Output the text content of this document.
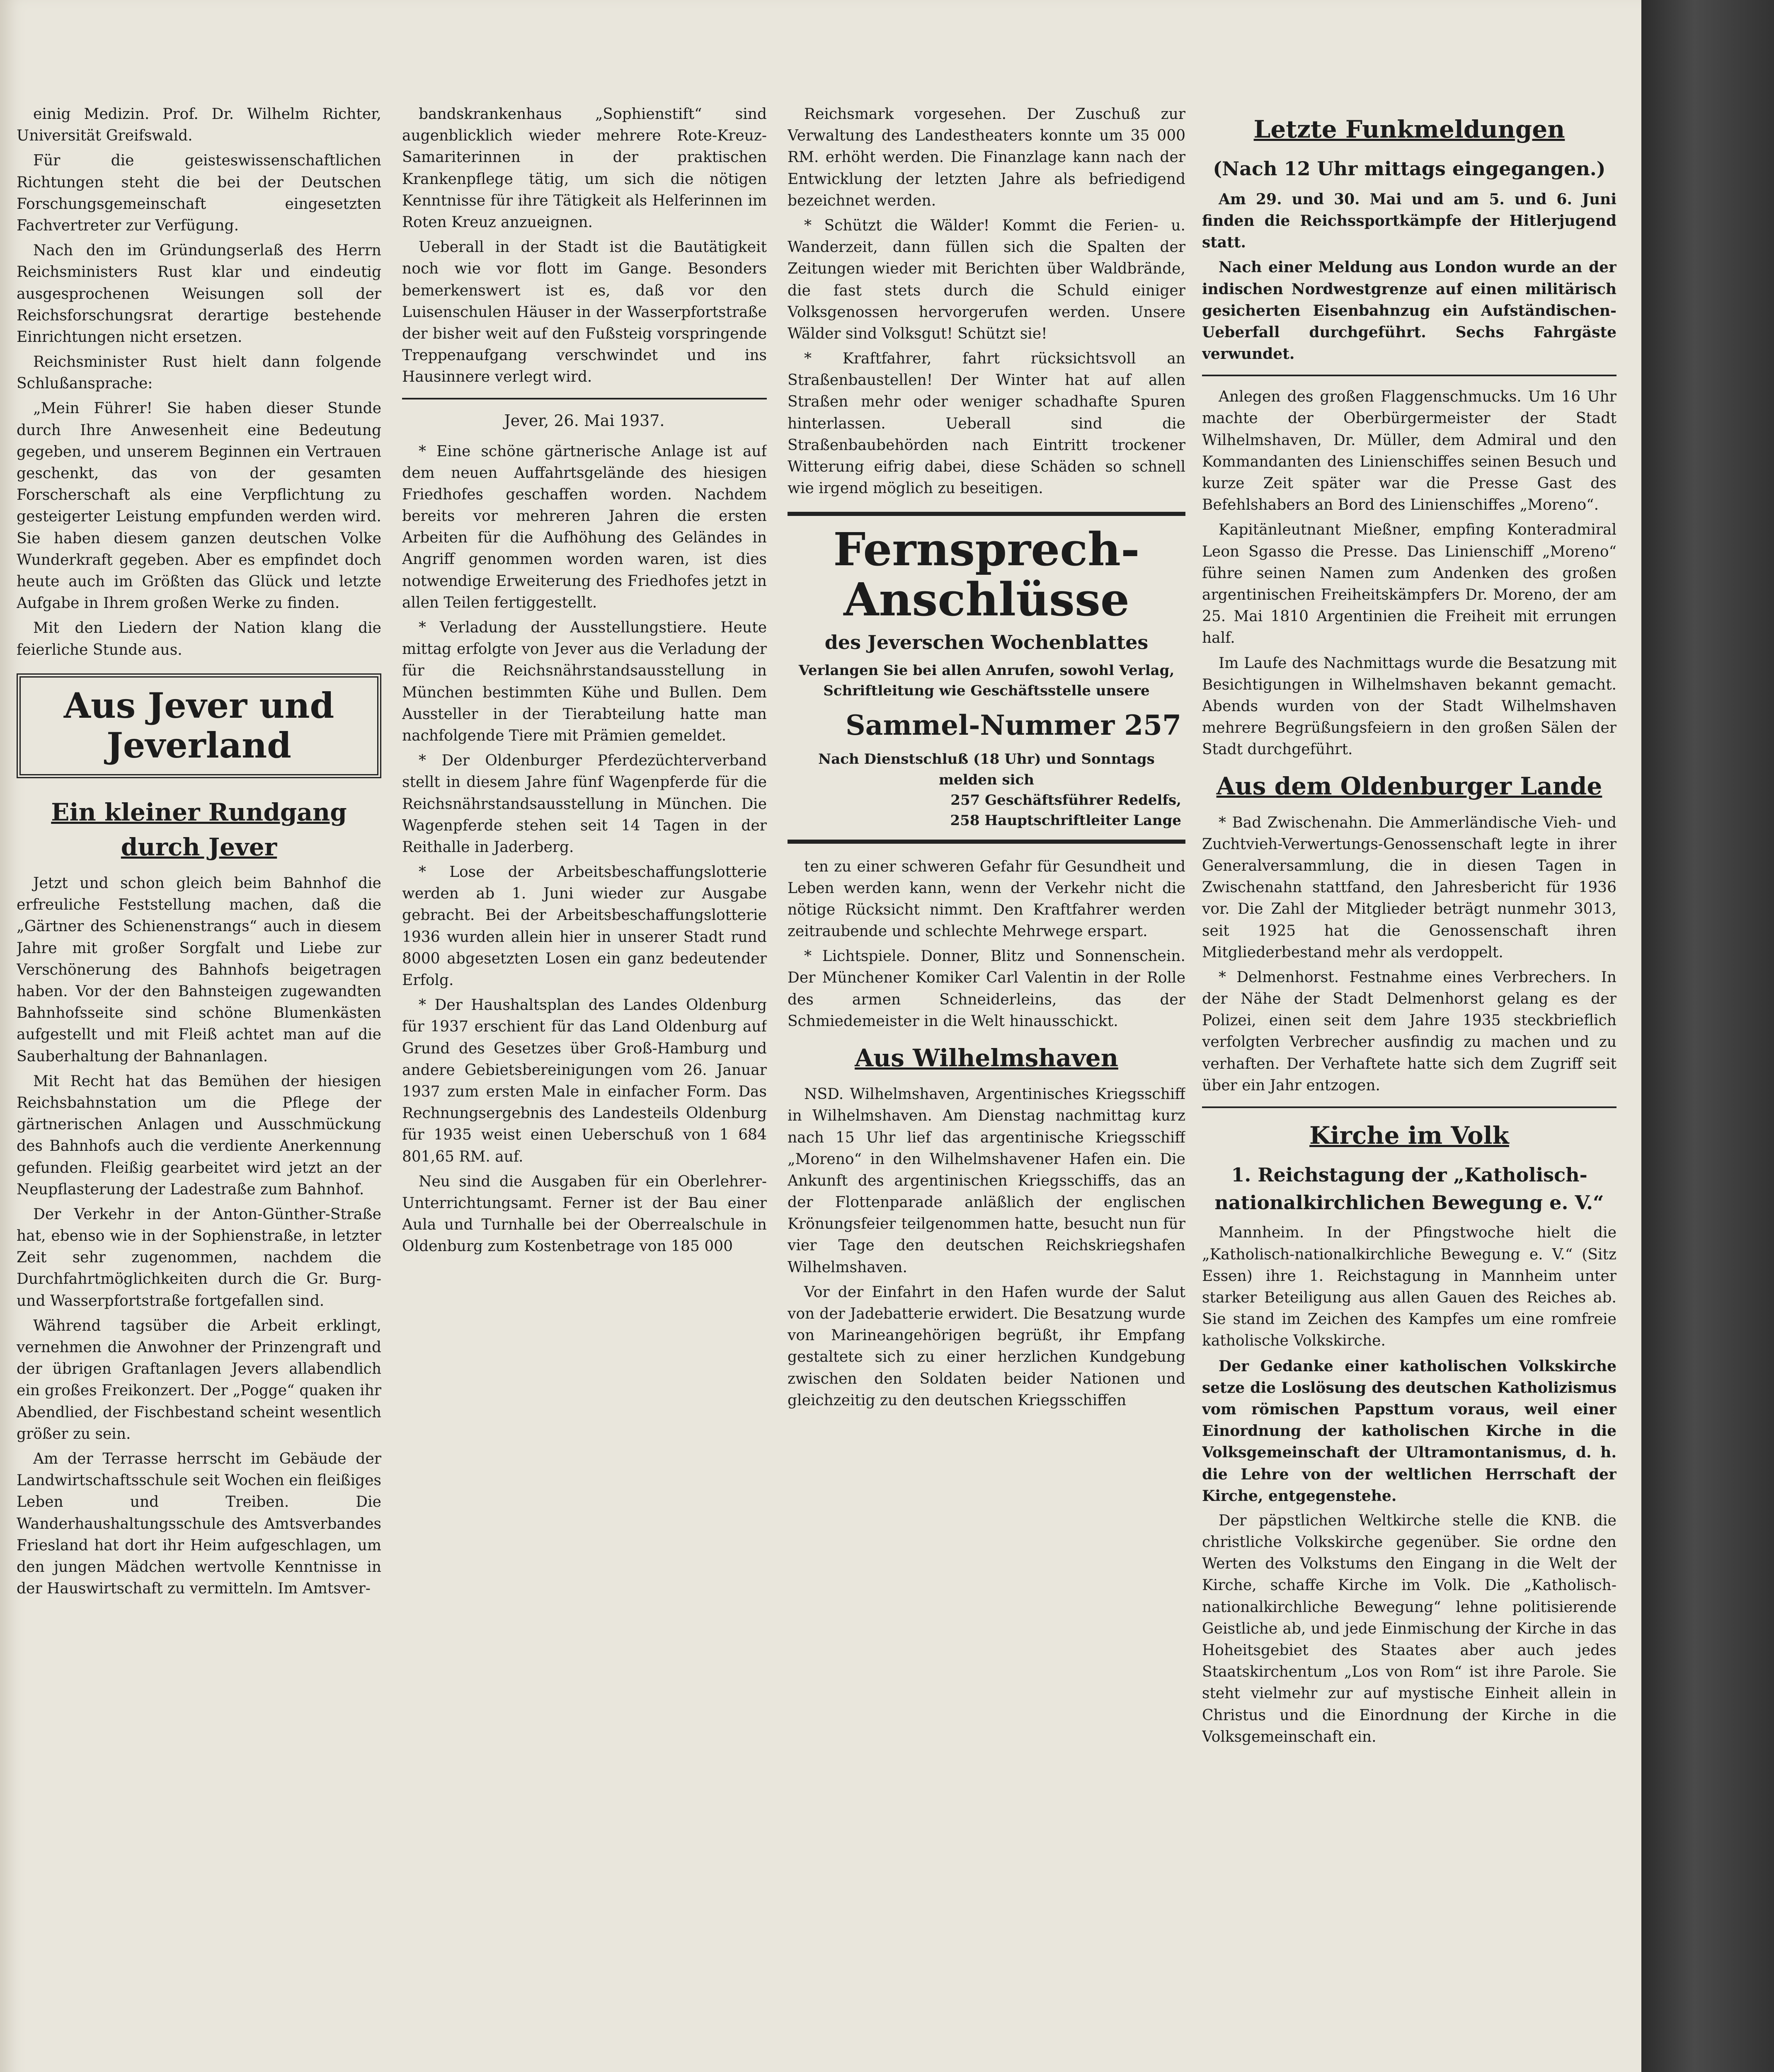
einig Medizin. Prof. Dr. Wilhelm Richter, Universität Greifswald.

Für die geisteswissenschaftlichen Richtungen steht die bei der Deutschen Forschungsgemeinschaft eingesetzten Fachvertreter zur Verfügung.

Nach den im Gründungserlaß des Herrn Reichsministers Rust klar und eindeutig ausgesprochenen Weisungen soll der Reichsforschungsrat derartige bestehende Einrichtungen nicht ersetzen.

Reichsminister Rust hielt dann folgende Schlußansprache:

„Mein Führer! Sie haben dieser Stunde durch Ihre Anwesenheit eine Bedeutung gegeben, und unserem Beginnen ein Vertrauen geschenkt, das von der gesamten Forscherschaft als eine Verpflichtung zu gesteigerter Leistung empfunden werden wird. Sie haben diesem ganzen deutschen Volke Wunderkraft gegeben. Aber es empfindet doch heute auch im Größten das Glück und letzte Aufgabe in Ihrem großen Werke zu finden.

Mit den Liedern der Nation klang die feierliche Stunde aus.

Aus Jever und Jeverland
Ein kleiner Rundgang durch Jever

Jetzt und schon gleich beim Bahnhof die erfreuliche Feststellung machen, daß die „Gärtner des Schienenstrangs“ auch in diesem Jahre mit großer Sorgfalt und Liebe zur Verschönerung des Bahnhofs beigetragen haben. Vor der den Bahnsteigen zugewandten Bahnhofsseite sind schöne Blumenkästen aufgestellt und mit Fleiß achtet man auf die Sauberhaltung der Bahnanlagen.

Mit Recht hat das Bemühen der hiesigen Reichsbahnstation um die Pflege der gärtnerischen Anlagen und Ausschmückung des Bahnhofs auch die verdiente Anerkennung gefunden. Fleißig gearbeitet wird jetzt an der Neupflasterung der Ladestraße zum Bahnhof.

Der Verkehr in der Anton-Günther-Straße hat, ebenso wie in der Sophienstraße, in letzter Zeit sehr zugenommen, nachdem die Durchfahrtmöglichkeiten durch die Gr. Burg- und Wasserpfortstraße fortgefallen sind.

Während tagsüber die Arbeit erklingt, vernehmen die Anwohner der Prinzengraft und der übrigen Graftanlagen Jevers allabendlich ein großes Freikonzert. Der „Pogge“ quaken ihr Abendlied, der Fischbestand scheint wesentlich größer zu sein.

Am der Terrasse herrscht im Gebäude der Landwirtschaftsschule seit Wochen ein fleißiges Leben und Treiben. Die Wanderhaushaltungsschule des Amtsverbandes Friesland hat dort ihr Heim aufgeschlagen, um den jungen Mädchen wertvolle Kenntnisse in der Hauswirtschaft zu vermitteln. Im Amtsver-

bandskrankenhaus „Sophienstift“ sind augenblicklich wieder mehrere Rote-Kreuz-Samariterinnen in der praktischen Krankenpflege tätig, um sich die nötigen Kenntnisse für ihre Tätigkeit als Helferinnen im Roten Kreuz anzueignen.

Ueberall in der Stadt ist die Bautätigkeit noch wie vor flott im Gange. Besonders bemerkenswert ist es, daß vor den Luisenschulen Häuser in der Wasserpfortstraße der bisher weit auf den Fußsteig vorspringende Treppenaufgang verschwindet und ins Hausinnere verlegt wird.

Jever, 26. Mai 1937.

* Eine schöne gärtnerische Anlage ist auf dem neuen Auffahrtsgelände des hiesigen Friedhofes geschaffen worden. Nachdem bereits vor mehreren Jahren die ersten Arbeiten für die Aufhöhung des Geländes in Angriff genommen worden waren, ist dies notwendige Erweiterung des Friedhofes jetzt in allen Teilen fertiggestellt.

* Verladung der Ausstellungstiere. Heute mittag erfolgte von Jever aus die Verladung der für die Reichsnährstandsausstellung in München bestimmten Kühe und Bullen. Dem Aussteller in der Tierabteilung hatte man nachfolgende Tiere mit Prämien gemeldet.

* Der Oldenburger Pferdezüchterverband stellt in diesem Jahre fünf Wagenpferde für die Reichsnährstandsausstellung in München. Die Wagenpferde stehen seit 14 Tagen in der Reithalle in Jaderberg.

* Lose der Arbeitsbeschaffungslotterie werden ab 1. Juni wieder zur Ausgabe gebracht. Bei der Arbeitsbeschaffungslotterie 1936 wurden allein hier in unserer Stadt rund 8000 abgesetzten Losen ein ganz bedeutender Erfolg.

* Der Haushaltsplan des Landes Oldenburg für 1937 erschient für das Land Oldenburg auf Grund des Gesetzes über Groß-Hamburg und andere Gebietsbereinigungen vom 26. Januar 1937 zum ersten Male in einfacher Form. Das Rechnungsergebnis des Landesteils Oldenburg für 1935 weist einen Ueberschuß von 1 684 801,65 RM. auf.

Neu sind die Ausgaben für ein Oberlehrer-Unterrichtungsamt. Ferner ist der Bau einer Aula und Turnhalle bei der Oberrealschule in Oldenburg zum Kostenbetrage von 185 000

Reichsmark vorgesehen. Der Zuschuß zur Verwaltung des Landestheaters konnte um 35 000 RM. erhöht werden. Die Finanzlage kann nach der Entwicklung der letzten Jahre als befriedigend bezeichnet werden.

* Schützt die Wälder! Kommt die Ferien- u. Wanderzeit, dann füllen sich die Spalten der Zeitungen wieder mit Berichten über Waldbrände, die fast stets durch die Schuld einiger Volksgenossen hervorgerufen werden. Unsere Wälder sind Volksgut! Schützt sie!

* Kraftfahrer, fahrt rücksichtsvoll an Straßenbaustellen! Der Winter hat auf allen Straßen mehr oder weniger schadhafte Spuren hinterlassen. Ueberall sind die Straßenbaubehörden nach Eintritt trockener Witterung eifrig dabei, diese Schäden so schnell wie irgend möglich zu beseitigen.

Fernsprech-Anschlüsse
des Jeverschen Wochenblattes
Verlangen Sie bei allen Anrufen, sowohl Verlag, Schriftleitung wie Geschäftsstelle unsere
Sammel-Nummer 257
Nach Dienstschluß (18 Uhr) und Sonntags melden sich
257 Geschäftsführer Redelfs,
258 Hauptschriftleiter Lange

ten zu einer schweren Gefahr für Gesundheit und Leben werden kann, wenn der Verkehr nicht die nötige Rücksicht nimmt. Den Kraftfahrer werden zeitraubende und schlechte Mehrwege erspart.

* Lichtspiele. Donner, Blitz und Sonnenschein. Der Münchener Komiker Carl Valentin in der Rolle des armen Schneiderleins, das der Schmiedemeister in die Welt hinausschickt.

Aus Wilhelmshaven

NSD. Wilhelmshaven, Argentinisches Kriegsschiff in Wilhelmshaven. Am Dienstag nachmittag kurz nach 15 Uhr lief das argentinische Kriegsschiff „Moreno“ in den Wilhelmshavener Hafen ein. Die Ankunft des argentinischen Kriegsschiffs, das an der Flottenparade anläßlich der englischen Krönungsfeier teilgenommen hatte, besucht nun für vier Tage den deutschen Reichskriegshafen Wilhelmshaven.

Vor der Einfahrt in den Hafen wurde der Salut von der Jadebatterie erwidert. Die Besatzung wurde von Marineangehörigen begrüßt, ihr Empfang gestaltete sich zu einer herzlichen Kundgebung zwischen den Soldaten beider Nationen und gleichzeitig zu den deutschen Kriegsschiffen

Letzte Funkmeldungen
(Nach 12 Uhr mittags eingegangen.)

Am 29. und 30. Mai und am 5. und 6. Juni finden die Reichssportkämpfe der Hitlerjugend statt.

Nach einer Meldung aus London wurde an der indischen Nordwestgrenze auf einen militärisch gesicherten Eisenbahnzug ein Aufständischen-Ueberfall durchgeführt. Sechs Fahrgäste verwundet.

Anlegen des großen Flaggenschmucks. Um 16 Uhr machte der Oberbürgermeister der Stadt Wilhelmshaven, Dr. Müller, dem Admiral und den Kommandanten des Linienschiffes seinen Besuch und kurze Zeit später war die Presse Gast des Befehlshabers an Bord des Linienschiffes „Moreno“.

Kapitänleutnant Mießner, empfing Konteradmiral Leon Sgasso die Presse. Das Linienschiff „Moreno“ führe seinen Namen zum Andenken des großen argentinischen Freiheitskämpfers Dr. Moreno, der am 25. Mai 1810 Argentinien die Freiheit mit errungen half.

Im Laufe des Nachmittags wurde die Besatzung mit Besichtigungen in Wilhelmshaven bekannt gemacht. Abends wurden von der Stadt Wilhelmshaven mehrere Begrüßungsfeiern in den großen Sälen der Stadt durchgeführt.

Aus dem Oldenburger Lande

* Bad Zwischenahn. Die Ammerländische Vieh- und Zuchtvieh-Verwertungs-Genossenschaft legte in ihrer Generalversammlung, die in diesen Tagen in Zwischenahn stattfand, den Jahresbericht für 1936 vor. Die Zahl der Mitglieder beträgt nunmehr 3013, seit 1925 hat die Genossenschaft ihren Mitgliederbestand mehr als verdoppelt.

* Delmenhorst. Festnahme eines Verbrechers. In der Nähe der Stadt Delmenhorst gelang es der Polizei, einen seit dem Jahre 1935 steckbrieflich verfolgten Verbrecher ausfindig zu machen und zu verhaften. Der Verhaftete hatte sich dem Zugriff seit über ein Jahr entzogen.

Kirche im Volk
1. Reichstagung der „Katholisch-nationalkirchlichen Bewegung e. V.“

Mannheim. In der Pfingstwoche hielt die „Katholisch-nationalkirchliche Bewegung e. V.“ (Sitz Essen) ihre 1. Reichstagung in Mannheim unter starker Beteiligung aus allen Gauen des Reiches ab. Sie stand im Zeichen des Kampfes um eine romfreie katholische Volkskirche.

Der Gedanke einer katholischen Volkskirche setze die Loslösung des deutschen Katholizismus vom römischen Papsttum voraus, weil einer Einordnung der katholischen Kirche in die Volksgemeinschaft der Ultramontanismus, d. h. die Lehre von der weltlichen Herrschaft der Kirche, entgegenstehe.

Der päpstlichen Weltkirche stelle die KNB. die christliche Volkskirche gegenüber. Sie ordne den Werten des Volkstums den Eingang in die Welt der Kirche, schaffe Kirche im Volk. Die „Katholisch-nationalkirchliche Bewegung“ lehne politisierende Geistliche ab, und jede Einmischung der Kirche in das Hoheitsgebiet des Staates aber auch jedes Staatskirchentum „Los von Rom“ ist ihre Parole. Sie steht vielmehr zur auf mystische Einheit allein in Christus und die Einordnung der Kirche in die Volksgemeinschaft ein.
